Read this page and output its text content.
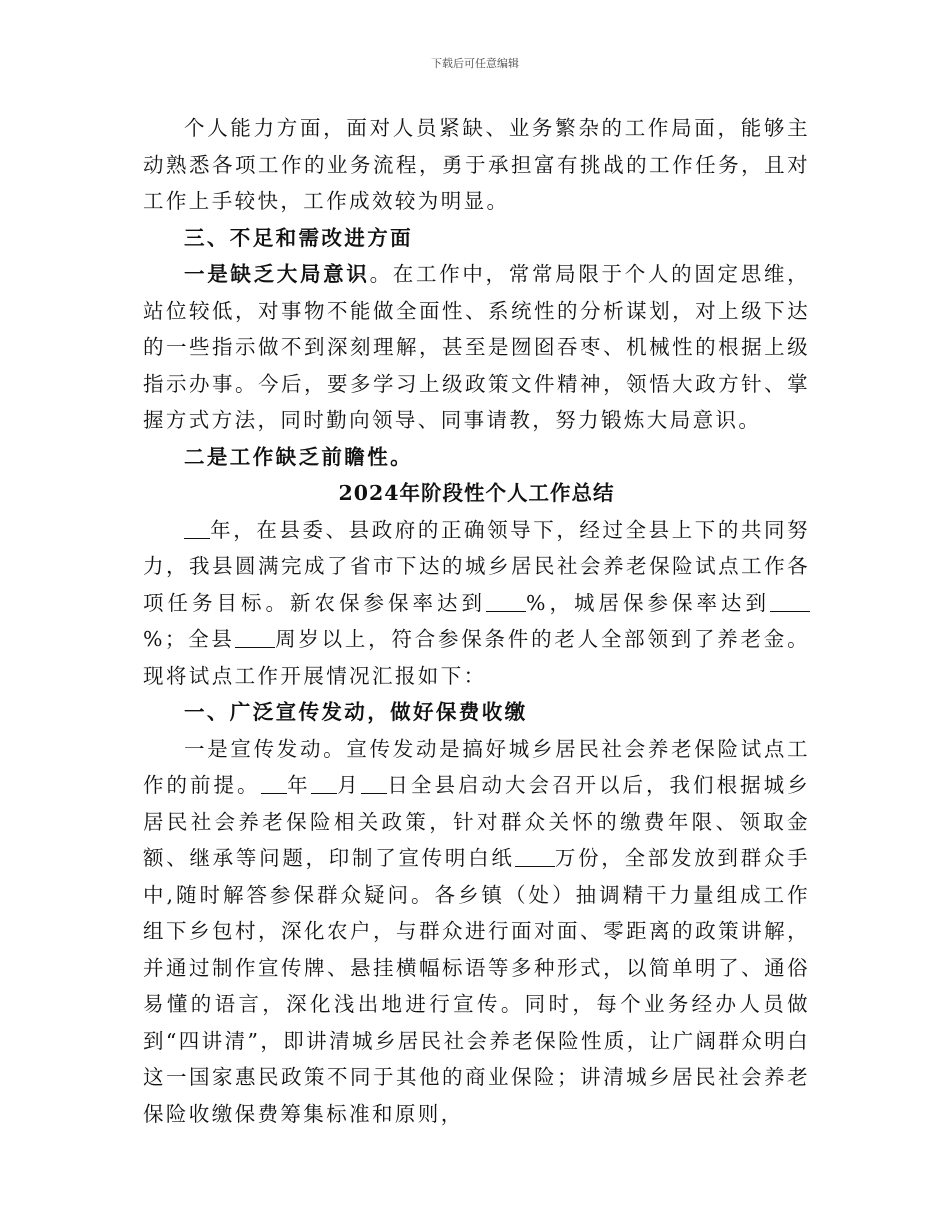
下载后可任意编辑

个人能力方面，面对人员紧缺、业务繁杂的工作局面，能够主动熟悉各项工作的业务流程，勇于承担富有挑战的工作任务，且对工作上手较快，工作成效较为明显。

三、不足和需改进方面

一是缺乏大局意识。在工作中，常常局限于个人的固定思维，站位较低，对事物不能做全面性、系统性的分析谋划，对上级下达的一些指示做不到深刻理解，甚至是囫囵吞枣、机械性的根据上级指示办事。今后，要多学习上级政策文件精神，领悟大政方针、掌握方式方法，同时勤向领导、同事请教，努力锻炼大局意识。

二是工作缺乏前瞻性。

2024年阶段性个人工作总结

年，在县委、县政府的正确领导下，经过全县上下的共同努力，我县圆满完成了省市下达的城乡居民社会养老保险试点工作各项任务目标。新农保参保率达到 %，城居保参保率达到%；全县 周岁以上，符合参保条件的老人全部领到了养老金。现将试点工作开展情况汇报如下：

一、广泛宣传发动，做好保费收缴

一是宣传发动。宣传发动是搞好城乡居民社会养老保险试点工作的前提。 年 月 日全县启动大会召开以后，我们根据城乡居民社会养老保险相关政策，针对群众关怀的缴费年限、领取金额、继承等问题，印制了宣传明白纸 万份，全部发放到群众手中,随时解答参保群众疑问。各乡镇（处）抽调精干力量组成工作组下乡包村，深化农户，与群众进行面对面、零距离的政策讲解，并通过制作宣传牌、悬挂横幅标语等多种形式，以简单明了、通俗易懂的语言，深化浅出地进行宣传。同时，每个业务经办人员做到“四讲清”，即讲清城乡居民社会养老保险性质，让广阔群众明白这一国家惠民政策不同于其他的商业保险；讲清城乡居民社会养老保险收缴保费筹集标准和原则，
